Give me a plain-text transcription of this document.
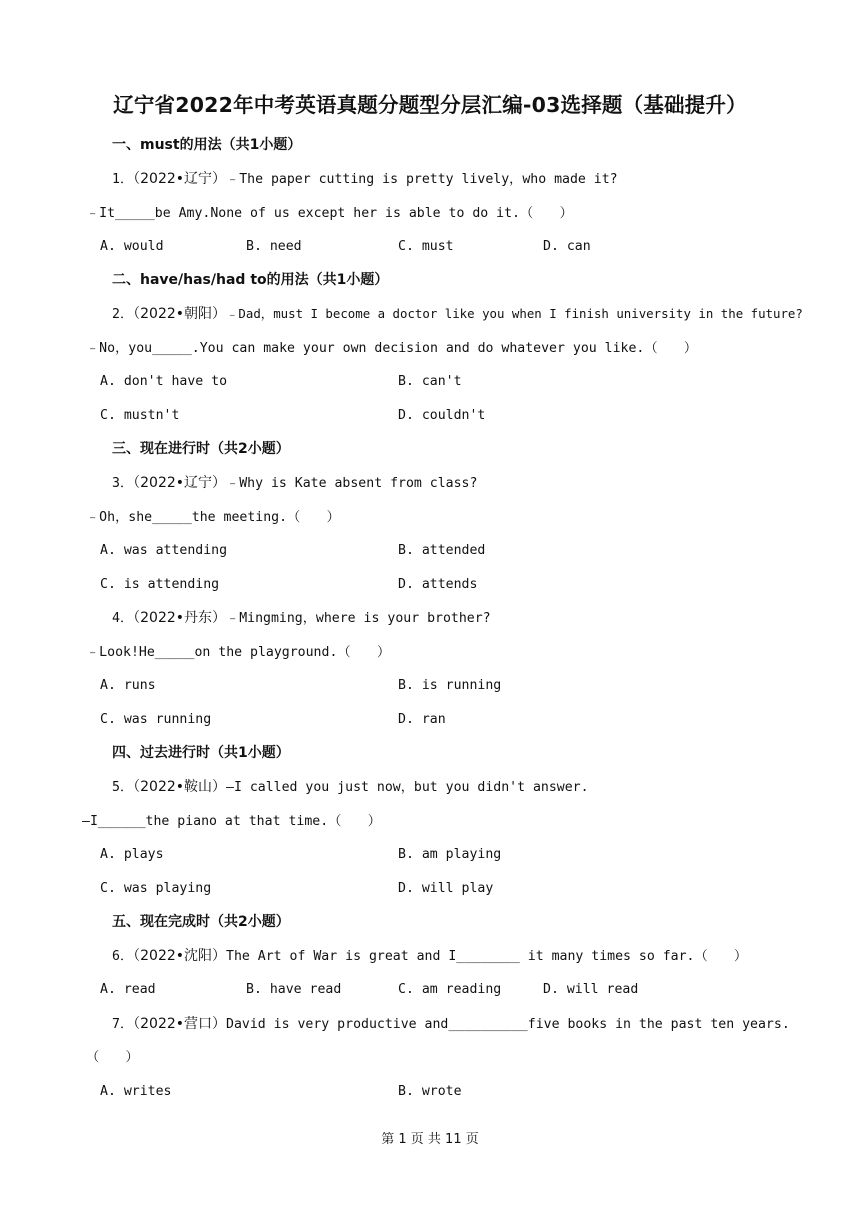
辽宁省2022年中考英语真题分题型分层汇编-03选择题（基础提升）
一、must的用法（共1小题）
1．（2022•辽宁）﹣The paper cutting is pretty lively，who made it?
﹣It_____be Amy.None of us except her is able to do it.（　　）
A. would	B. need	C. must	D. can
二、have/has/had to的用法（共1小题）
2．（2022•朝阳）﹣Dad，must I become a doctor like you when I finish university in the future?
﹣No，you_____.You can make your own decision and do whatever you like.（　　）
A. don't have to	B. can't
C. mustn't	D. couldn't
三、现在进行时（共2小题）
3．（2022•辽宁）﹣Why is Kate absent from class?
﹣Oh，she_____the meeting.（　　）
A. was attending	B. attended
C. is attending	D. attends
4．（2022•丹东）﹣Mingming，where is your brother?
﹣Look!He_____on the playground.（　　）
A. runs	B. is running
C. was running	D. ran
四、过去进行时（共1小题）
5．（2022•鞍山）—I called you just now，but you didn't answer.
—I______the piano at that time.（　　）
A. plays	B. am playing
C. was playing	D. will play
五、现在完成时（共2小题）
6．（2022•沈阳）The Art of War is great and I________ it many times so far.（　　）
A. read	B. have read	C. am reading	D. will read
7．（2022•营口）David is very productive and__________five books in the past ten years.
（　　）
A. writes	B. wrote
第 1 页 共 11 页
